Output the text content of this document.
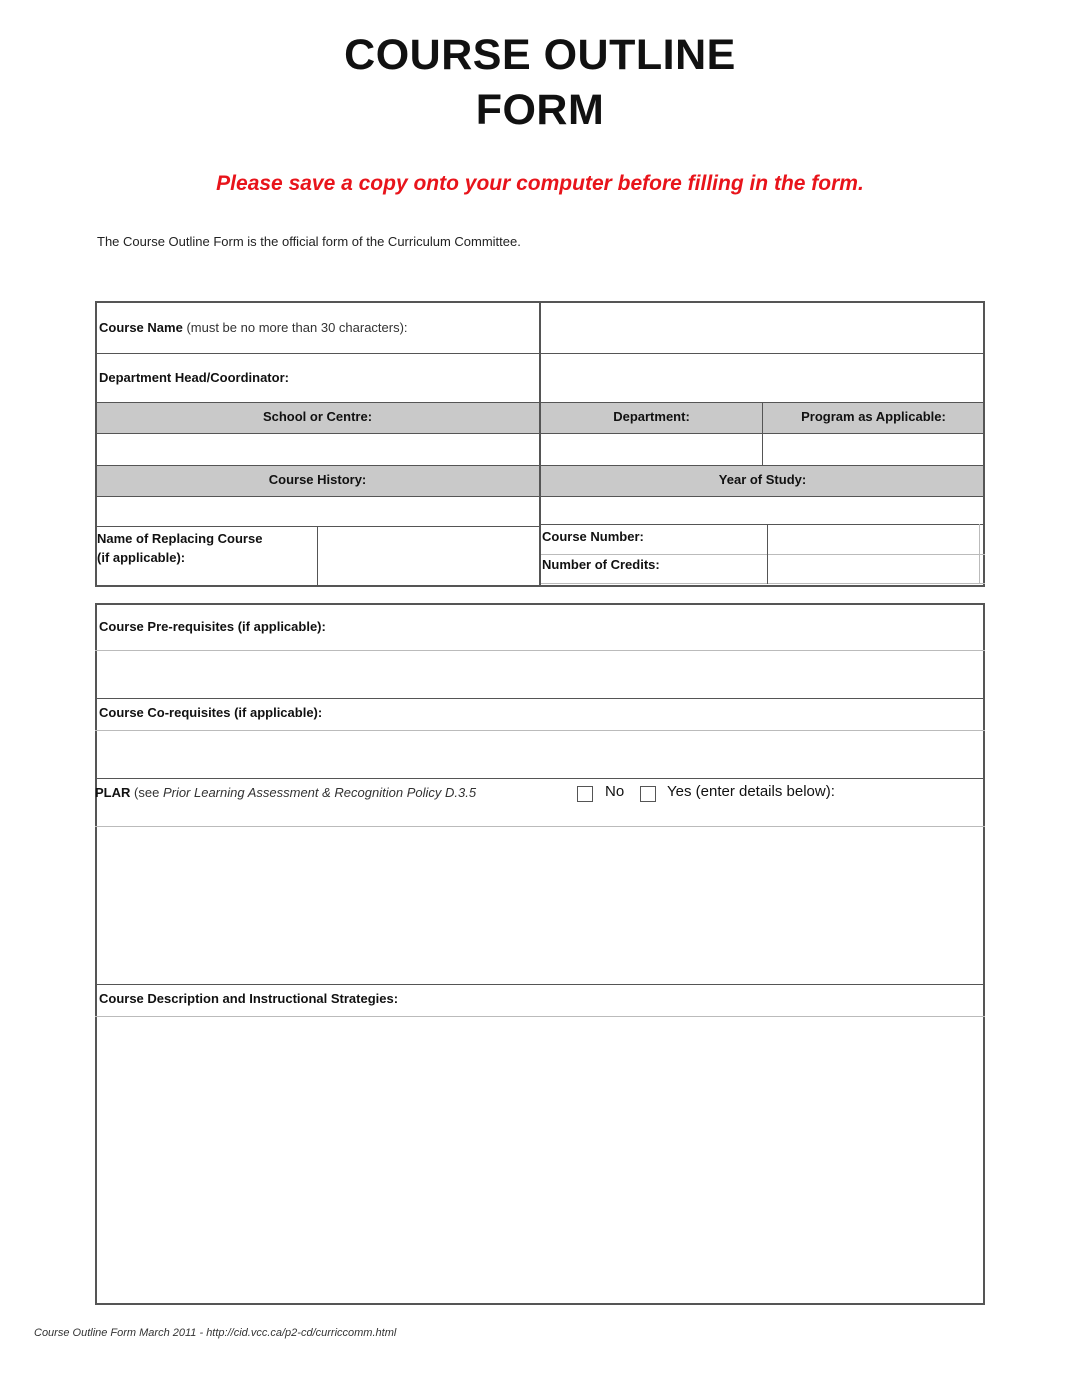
COURSE OUTLINE
FORM
Please save a copy onto your computer before filling in the form.
The Course Outline Form is the official form of the Curriculum Committee.
Course Name (must be no more than 30 characters):
Department Head/Coordinator:
School or Centre:	Department:	Program as Applicable:
Course History:	Year of Study:
Name of Replacing Course
(if applicable):
Course Number:
Number of Credits:
Course Pre-requisites (if applicable):
Course Co-requisites (if applicable):
PLAR (see Prior Learning Assessment & Recognition Policy D.3.5	No	Yes (enter details below):
Course Description and Instructional Strategies:
Course Outline Form March 2011 - http://cid.vcc.ca/p2-cd/curriccomm.html
